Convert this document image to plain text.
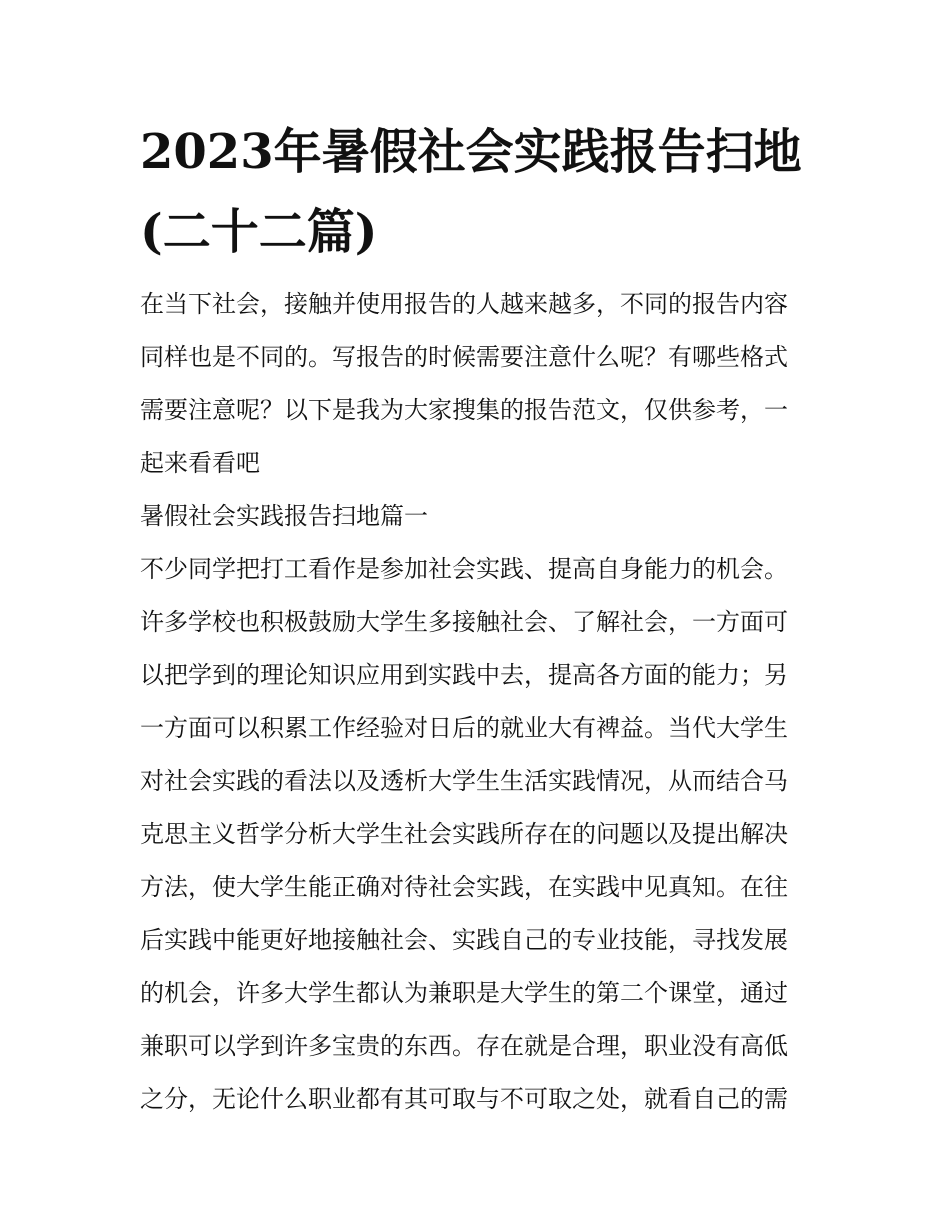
2023年暑假社会实践报告扫地
(二十二篇)

在当下社会，接触并使用报告的人越来越多，不同的报告内容
同样也是不同的。写报告的时候需要注意什么呢？有哪些格式
需要注意呢？以下是我为大家搜集的报告范文，仅供参考，一
起来看看吧

暑假社会实践报告扫地篇一

不少同学把打工看作是参加社会实践、提高自身能力的机会。
许多学校也积极鼓励大学生多接触社会、了解社会，一方面可
以把学到的理论知识应用到实践中去，提高各方面的能力；另
一方面可以积累工作经验对日后的就业大有裨益。当代大学生
对社会实践的看法以及透析大学生生活实践情况，从而结合马
克思主义哲学分析大学生社会实践所存在的问题以及提出解决
方法，使大学生能正确对待社会实践，在实践中见真知。在往
后实践中能更好地接触社会、实践自己的专业技能，寻找发展
的机会，许多大学生都认为兼职是大学生的第二个课堂，通过
兼职可以学到许多宝贵的东西。存在就是合理，职业没有高低
之分，无论什么职业都有其可取与不可取之处，就看自己的需
